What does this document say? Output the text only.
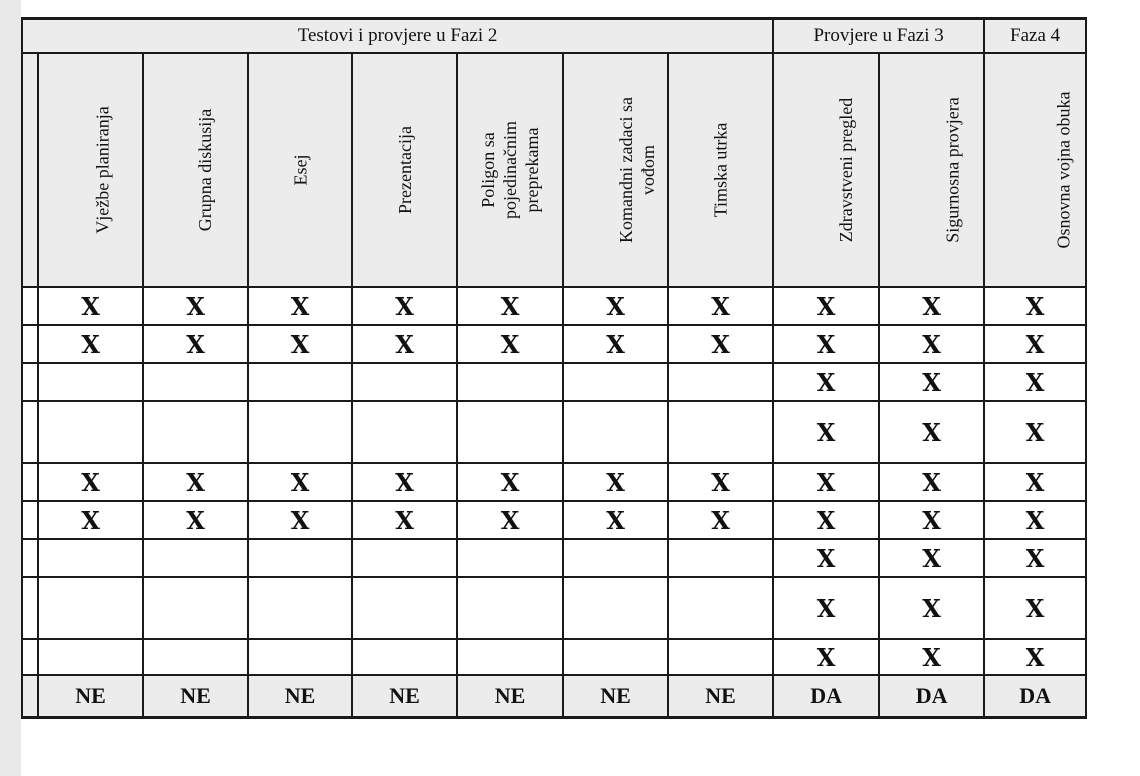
Testovi i provjere u Fazi 2								Provjere u Fazi 3		Faza 4

	Vježbe planiranja	Grupna diskusija	Esej	Prezentacija	Poligon sa pojedinačnim preprekama	Komandni zadaci sa vođom	Timska utrka	Zdravstveni pregled	Sigurnosna provjera	Osnovna vojna obuka

	X	X	X	X	X	X	X	X	X	X
	X	X	X	X	X	X	X	X	X	X
								X	X	X
								X	X	X
	X	X	X	X	X	X	X	X	X	X
	X	X	X	X	X	X	X	X	X	X
								X	X	X
								X	X	X
								X	X	X
	NE	NE	NE	NE	NE	NE	NE	DA	DA	DA
